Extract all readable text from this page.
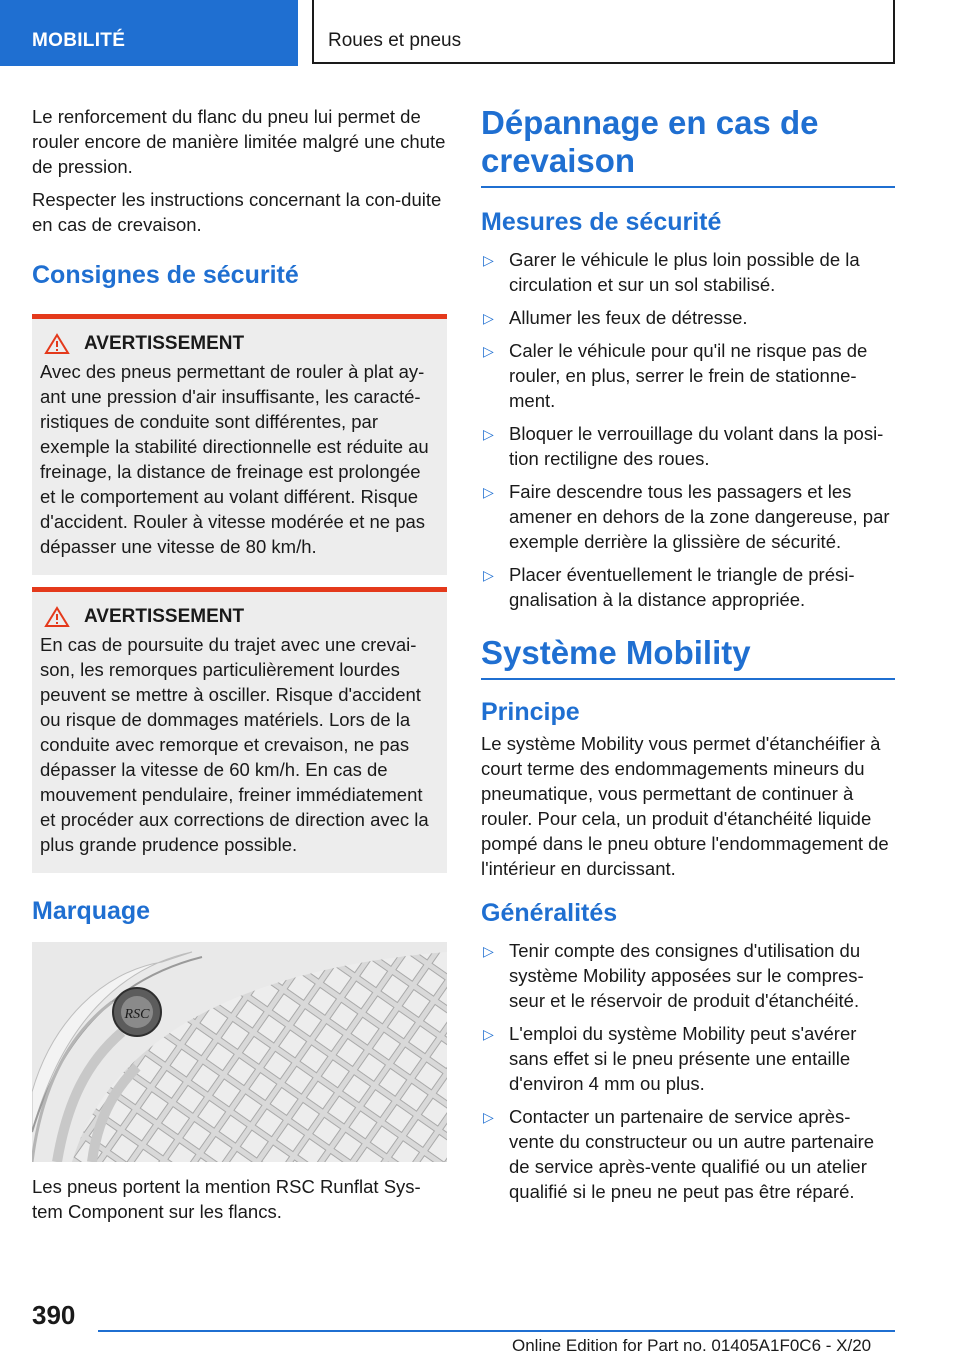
MOBILITÉ	Roues et pneus

Le renforcement du flanc du pneu lui permet de rouler encore de manière limitée malgré une chute de pression.

Respecter les instructions concernant la con‐duite en cas de crevaison.

Consignes de sécurité
AVERTISSEMENT

Avec des pneus permettant de rouler à plat ay‐ant une pression d'air insuffisante, les caracté‐ristiques de conduite sont différentes, par exemple la stabilité directionnelle est réduite au freinage, la distance de freinage est prolongée et le comportement au volant différent. Risque d'accident. Rouler à vitesse modérée et ne pas dépasser une vitesse de 80 km/h.

AVERTISSEMENT

En cas de poursuite du trajet avec une crevai‐son, les remorques particulièrement lourdes peuvent se mettre à osciller. Risque d'accident ou risque de dommages matériels. Lors de la conduite avec remorque et crevaison, ne pas dépasser la vitesse de 60 km/h. En cas de mouvement pendulaire, freiner immédiatement et procéder aux corrections de direction avec la plus grande prudence possible.

Marquage
RSC

Les pneus portent la mention RSC Runflat Sys‐tem Component sur les flancs.

Dépannage en cas de crevaison
Mesures de sécurité
▷ Garer le véhicule le plus loin possible de la circulation et sur un sol stabilisé.
▷ Allumer les feux de détresse.
▷ Caler le véhicule pour qu'il ne risque pas de rouler, en plus, serrer le frein de stationne‐ment.
▷ Bloquer le verrouillage du volant dans la posi‐tion rectiligne des roues.
▷ Faire descendre tous les passagers et les amener en dehors de la zone dangereuse, par exemple derrière la glissière de sécurité.
▷ Placer éventuellement le triangle de prési‐gnalisation à la distance appropriée.
Système Mobility
Principe

Le système Mobility vous permet d'étanchéifier à court terme des endommagements mineurs du pneumatique, vous permettant de continuer à rouler. Pour cela, un produit d'étanchéité liquide pompé dans le pneu obture l'endommagement de l'intérieur en durcissant.

Généralités
▷ Tenir compte des consignes d'utilisation du système Mobility apposées sur le compres‐seur et le réservoir de produit d'étanchéité.
▷ L'emploi du système Mobility peut s'avérer sans effet si le pneu présente une entaille d'environ 4 mm ou plus.
▷ Contacter un partenaire de service après‐vente du constructeur ou un autre partenaire de service après-vente qualifié ou un atelier qualifié si le pneu ne peut pas être réparé.
390
Online Edition for Part no. 01405A1F0C6 - X/20
